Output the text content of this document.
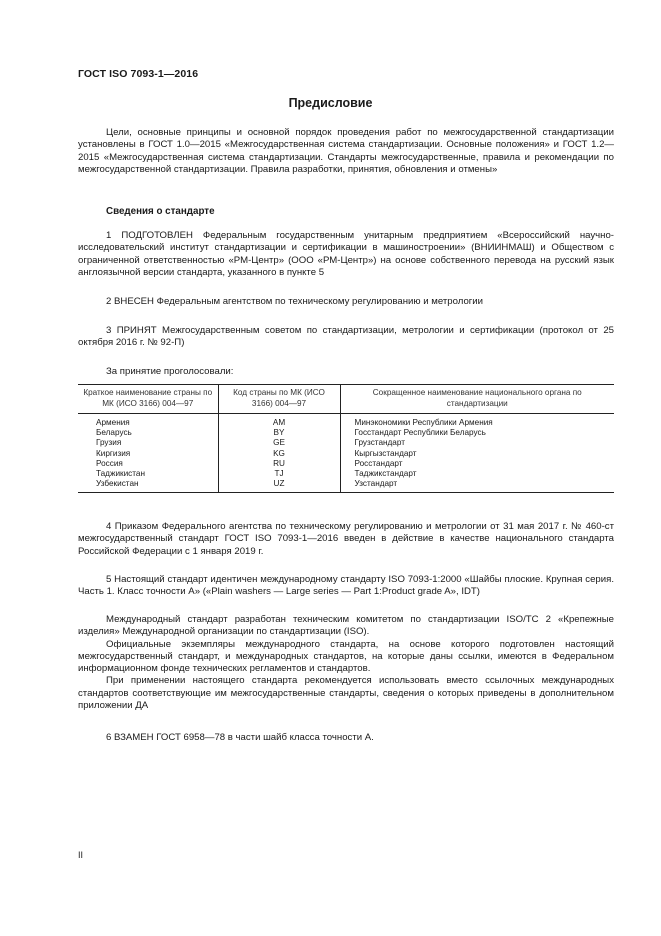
ГОСТ ISO 7093-1—2016
Предисловие

Цели, основные принципы и основной порядок проведения работ по межгосударственной стандартизации установлены в ГОСТ 1.0—2015 «Межгосударственная система стандартизации. Основные положения» и ГОСТ 1.2—2015 «Межгосударственная система стандартизации. Стандарты межгосударственные, правила и рекомендации по межгосударственной стандартизации. Правила разработки, принятия, обновления и отмены»

Сведения о стандарте

1 ПОДГОТОВЛЕН Федеральным государственным унитарным предприятием «Всероссийский научно-исследовательский институт стандартизации и сертификации в машиностроении» (ВНИИНМАШ) и Обществом с ограниченной ответственностью «РМ-Центр» (ООО «РМ-Центр») на основе собственного перевода на русский язык англоязычной версии стандарта, указанного в пункте 5

2 ВНЕСЕН Федеральным агентством по техническому регулированию и метрологии

3 ПРИНЯТ Межгосударственным советом по стандартизации, метрологии и сертификации (протокол от 25 октября 2016 г. № 92-П)

За принятие проголосовали:
Краткое наименование страны по МК (ИСО 3166) 004—97	Код страны по МК (ИСО 3166) 004—97	Сокращенное наименование национального органа по стандартизации
Армения	AM	Минэкономики Республики Армения
Беларусь	BY	Госстандарт Республики Беларусь
Грузия	GE	Грузстандарт
Киргизия	KG	Кыргызстандарт
Россия	RU	Росстандарт
Таджикистан	TJ	Таджикстандарт
Узбекистан	UZ	Узстандарт

4 Приказом Федерального агентства по техническому регулированию и метрологии от 31 мая 2017 г. № 460-ст межгосударственный стандарт ГОСТ ISO 7093-1—2016 введен в действие в качестве национального стандарта Российской Федерации с 1 января 2019 г.

5 Настоящий стандарт идентичен международному стандарту ISO 7093-1:2000 «Шайбы плоские. Крупная серия. Часть 1. Класс точности А» («Plain washers — Large series — Part 1:Product grade A», IDT)

Международный стандарт разработан техническим комитетом по стандартизации ISO/TC 2 «Крепежные изделия» Международной организации по стандартизации (ISO).

Официальные экземпляры международного стандарта, на основе которого подготовлен настоящий межгосударственный стандарт, и международных стандартов, на которые даны ссылки, имеются в Федеральном информационном фонде технических регламентов и стандартов.

При применении настоящего стандарта рекомендуется использовать вместо ссылочных международных стандартов соответствующие им межгосударственные стандарты, сведения о которых приведены в дополнительном приложении ДА

6 ВЗАМЕН ГОСТ 6958—78 в части шайб класса точности А.

II
